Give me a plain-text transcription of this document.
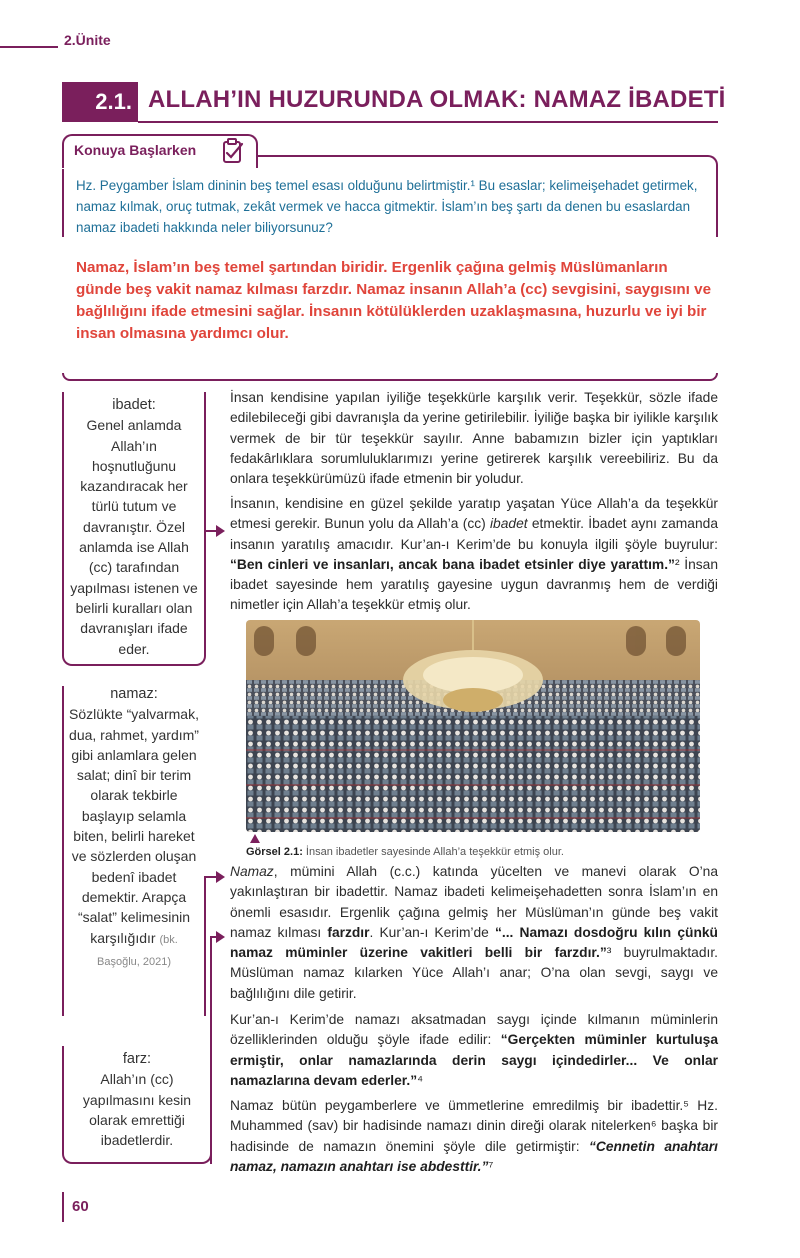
2.Ünite
2.1. ALLAH’IN HUZURUNDA OLMAK: NAMAZ İBADETİ
Konuya Başlarken
Hz. Peygamber İslam dininin beş temel esası olduğunu belirtmiştir.¹ Bu esaslar; kelimeişehadet getirmek, namaz kılmak, oruç tutmak, zekât vermek ve hacca gitmektir. İslam’ın beş şartı da denen bu esaslardan namaz ibadeti hakkında neler biliyorsunuz?
Namaz, İslam’ın beş temel şartından biridir. Ergenlik çağına gelmiş Müslümanların günde beş vakit namaz kılması farzdır. Namaz insanın Allah’a (cc) sevgisini, saygısını ve bağlılığını ifade etmesini sağlar. İnsanın kötülüklerden uzaklaşmasına, huzurlu ve iyi bir insan olmasına yardımcı olur.
ibadet:
Genel anlamda Allah’ın hoşnutluğunu kazandıracak her türlü tutum ve davranıştır. Özel anlamda ise Allah (cc) tarafından yapılması istenen ve belirli kuralları olan davranışları ifade eder.
namaz:
Sözlükte “yalvarmak, dua, rahmet, yardım” gibi anlamlara gelen salat; dinî bir terim olarak tekbirle başlayıp selamla biten, belirli hareket ve sözlerden oluşan bedenî ibadet demektir. Arapça “salat” kelimesinin karşılığıdır (bk. Başoğlu, 2021)
farz:
Allah’ın (cc) yapılmasını kesin olarak emrettiği ibadetlerdir.
İnsan kendisine yapılan iyiliğe teşekkürle karşılık verir. Teşekkür, sözle ifade edilebileceği gibi davranışla da yerine getirilebilir. İyiliğe başka bir iyilikle karşılık vermek de bir tür teşekkür sayılır. Anne babamızın bizler için yaptıkları fedakârlıklara sorumluluklarımızı yerine getirerek karşılık vereebiliriz. Bu da onlara teşekkürümüzü ifade etmenin bir yoludur.
İnsanın, kendisine en güzel şekilde yaratıp yaşatan Yüce Allah’a da teşekkür etmesi gerekir. Bunun yolu da Allah’a (cc) ibadet etmektir. İbadet aynı zamanda insanın yaratılış amacıdır. Kur’an-ı Kerim’de bu konuyla ilgili şöyle buyrulur: “Ben cinleri ve insanları, ancak bana ibadet etsinler diye yarattım.”² İnsan ibadet sayesinde hem yaratılış gayesine uygun davranmış hem de verdiği nimetler için Allah’a teşekkür etmiş olur.
Görsel 2.1: İnsan ibadetler sayesinde Allah’a teşekkür etmiş olur.
Namaz, mümini Allah (c.c.) katında yücelten ve manevi olarak O’na yakınlaştıran bir ibadettir. Namaz ibadeti kelimeişehadetten sonra İslam’ın en önemli esasıdır. Ergenlik çağına gelmiş her Müslüman’ın günde beş vakit namaz kılması farzdır. Kur’an-ı Kerim’de “... Namazı dosdoğru kılın çünkü namaz müminler üzerine vakitleri belli bir farzdır.”³ buyrulmaktadır. Müslüman namaz kılarken Yüce Allah’ı anar; O’na olan sevgi, saygı ve bağlılığını dile getirir.
Kur’an-ı Kerim’de namazı aksatmadan saygı içinde kılmanın müminlerin özelliklerinden olduğu şöyle ifade edilir: “Gerçekten müminler kurtuluşa ermiştir, onlar namazlarında derin saygı içindedirler... Ve onlar namazlarına devam ederler.”⁴
Namaz bütün peygamberlere ve ümmetlerine emredilmiş bir ibadettir.⁵ Hz. Muhammed (sav) bir hadisinde namazı dinin direği olarak nitelerken⁶ başka bir hadisinde de namazın önemini şöyle dile getirmiştir: “Cennetin anahtarı namaz, namazın anahtarı ise abdesttir.”⁷
60
